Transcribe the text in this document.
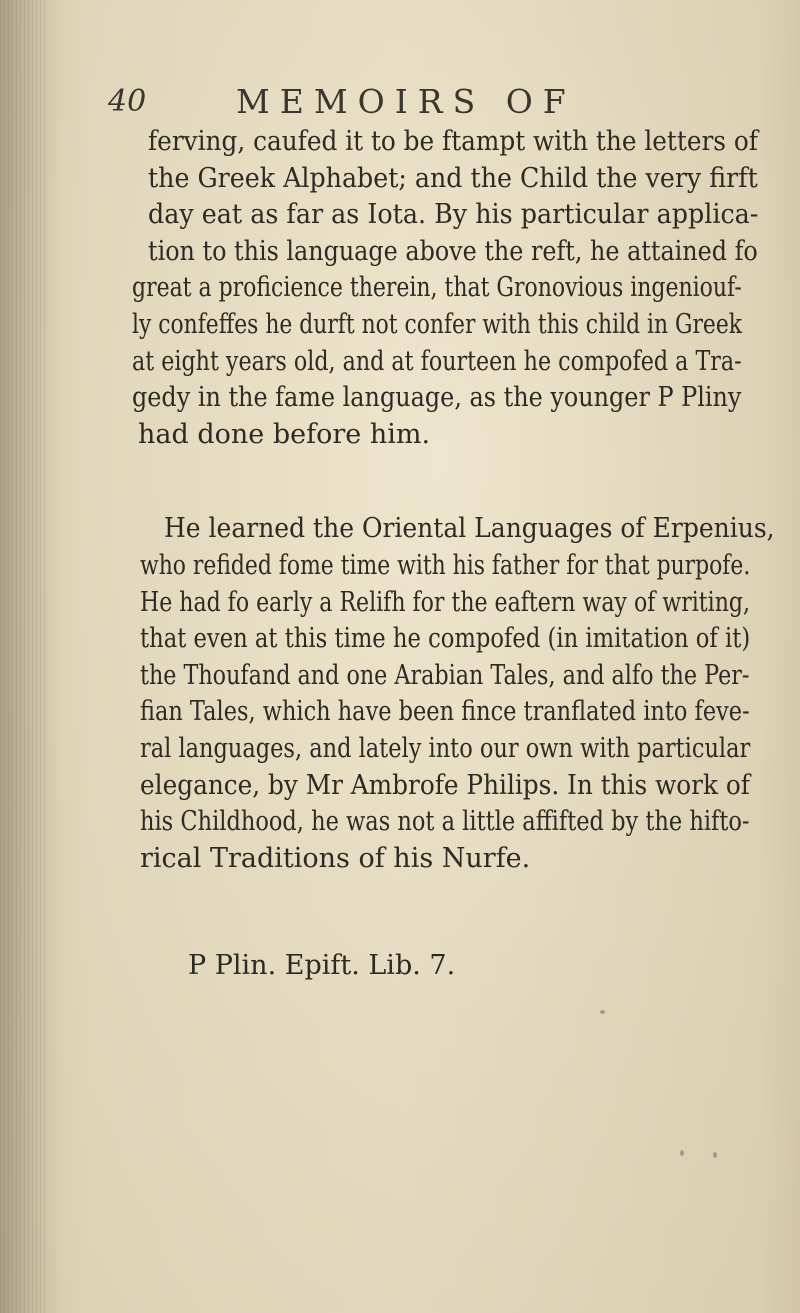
40	MEMOIRS OF
ferving, caufed it to be ftampt with the letters of
the Greek Alphabet; and the Child the very firft
day eat as far as Iota. By his particular applica-
tion to this language above the reft, he attained fo
great a proficience therein, that Gronovious ingeniouf-
ly confeffes he durft not confer with this child in Greek
at eight years old, and at fourteen he compofed a Tra-
gedy in the fame language, as the younger P Pliny
had done before him.
He learned the Oriental Languages of Erpenius,
who refided fome time with his father for that purpofe.
He had fo early a Relifh for the eaftern way of writing,
that even at this time he compofed (in imitation of it)
the Thoufand and one Arabian Tales, and alfo the Per-
fian Tales, which have been fince tranflated into feve-
ral languages, and lately into our own with particular
elegance, by Mr Ambrofe Philips. In this work of
his Childhood, he was not a little affifted by the hifto-
rical Traditions of his Nurfe.
P Plin. Epift. Lib. 7.
